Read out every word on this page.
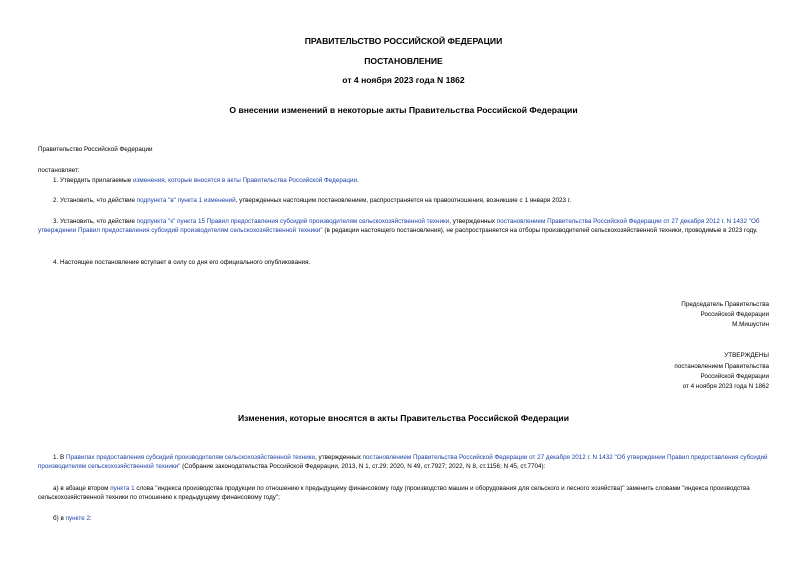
ПРАВИТЕЛЬСТВО РОССИЙСКОЙ ФЕДЕРАЦИИ
ПОСТАНОВЛЕНИЕ
от 4 ноября 2023 года N 1862
О внесении изменений в некоторые акты Правительства Российской Федерации
Правительство Российской Федерации
постановляет:
1. Утвердить прилагаемые изменения, которые вносятся в акты Правительства Российской Федерации.
2. Установить, что действие подпункта "в" пункта 1 изменений, утвержденных настоящим постановлением, распространяется на правоотношения, возникшие с 1 января 2023 г.
3. Установить, что действие подпункта "к" пункта 15 Правил предоставления субсидий производителям сельскохозяйственной техники, утвержденных постановлением Правительства Российской Федерации от 27 декабря 2012 г. N 1432 "Об утверждении Правил предоставления субсидий производителям сельскохозяйственной техники" (в редакции настоящего постановления), не распространяется на отборы производителей сельскохозяйственной техники, проводимые в 2023 году.
4. Настоящее постановление вступает в силу со дня его официального опубликования.
Председатель Правительства
Российской Федерации
М.Мишустин
УТВЕРЖДЕНЫ
постановлением Правительства
Российской Федерации
от 4 ноября 2023 года N 1862
Изменения, которые вносятся в акты Правительства Российской Федерации
1. В Правилах предоставления субсидий производителям сельскохозяйственной техники, утвержденных постановлением Правительства Российской Федерации от 27 декабря 2012 г. N 1432 "Об утверждении Правил предоставления субсидий производителям сельскохозяйственной техники" (Собрание законодательства Российской Федерации, 2013, N 1, ст.29; 2020, N 49, ст.7927; 2022, N 8, ст.1156; N 45, ст.7704):
а) в абзаце втором пункта 1 слова "индекса производства продукции по отношению к предыдущему финансовому году (производство машин и оборудования для сельского и лесного хозяйства)" заменить словами "индекса производства сельскохозяйственной техники по отношению к предыдущему финансовому году";
б) в пункте 2:
